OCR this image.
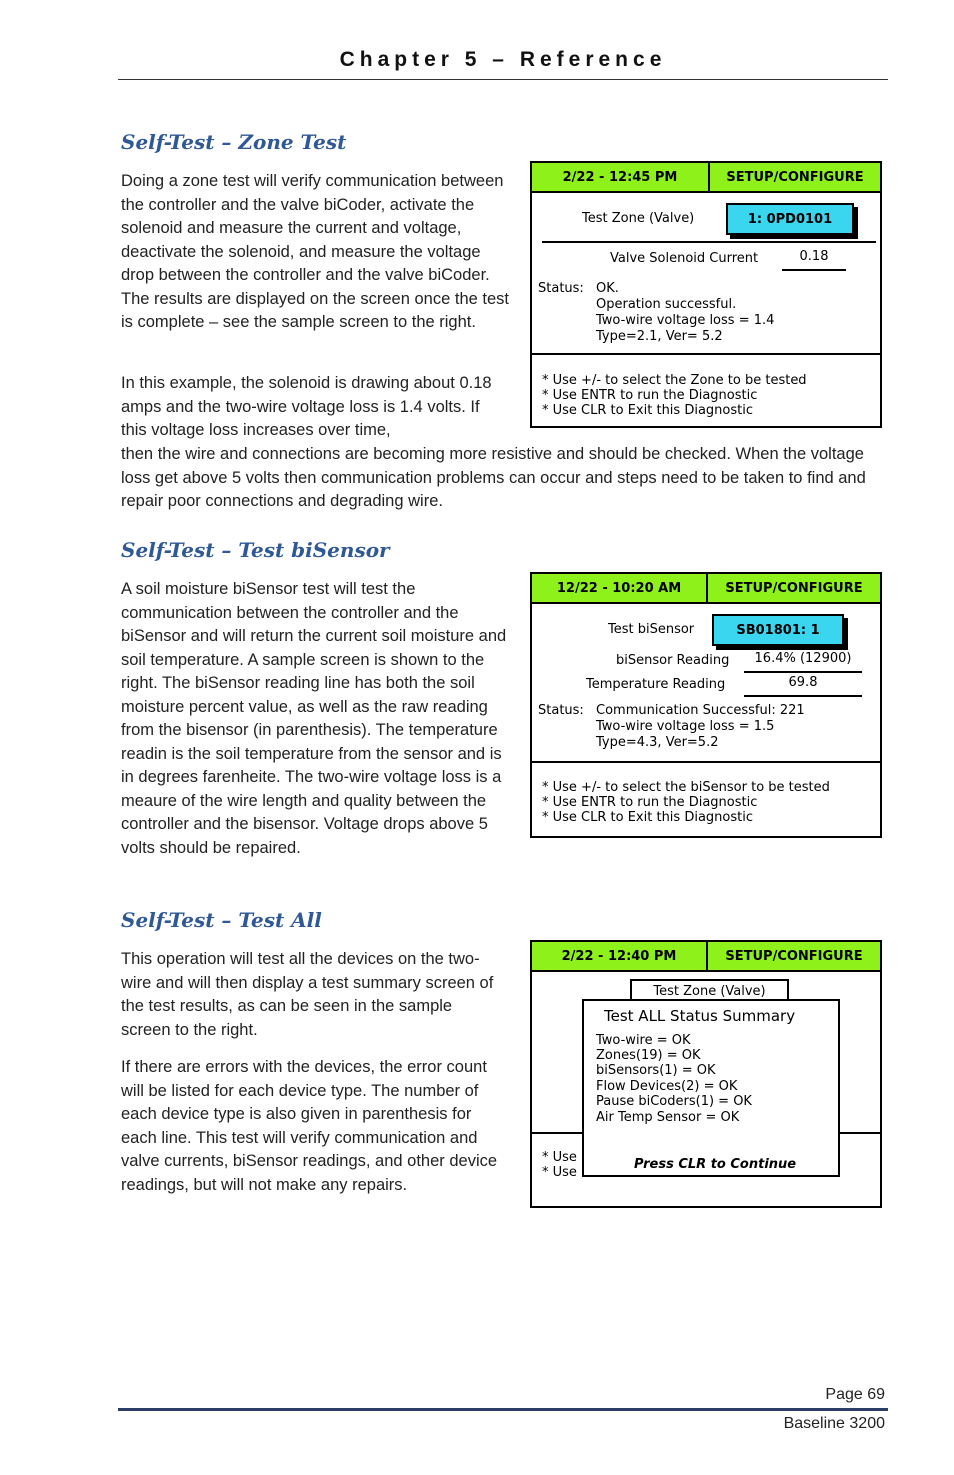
Chapter 5 – Reference
Self-Test – Zone Test
Doing a zone test will verify communication between the controller and the valve biCoder, activate the solenoid and measure the current and voltage, deactivate the solenoid, and measure the voltage drop between the controller and the valve biCoder. The results are displayed on the screen once the test is complete – see the sample screen to the right.
In this example, the solenoid is drawing about 0.18 amps and the two-wire voltage loss is 1.4 volts. If this voltage loss increases over time,
then the wire and connections are becoming more resistive and should be checked. When the voltage loss get above 5 volts then communication problems can occur and steps need to be taken to find and repair poor connections and degrading wire.
2/22 - 12:45 PM	SETUP/CONFIGURE
Test Zone (Valve)	1: 0PD0101
Valve Solenoid Current	0.18
Status: OK.
Operation successful.
Two-wire voltage loss = 1.4
Type=2.1, Ver= 5.2
* Use +/- to select the Zone to be tested
* Use ENTR to run the Diagnostic
* Use CLR to Exit this Diagnostic
Self-Test – Test biSensor
A soil moisture biSensor test will test the communication between the controller and the biSensor and will return the current soil moisture and soil temperature. A sample screen is shown to the right. The biSensor reading line has both the soil moisture percent value, as well as the raw reading from the bisensor (in parenthesis). The temperature readin is the soil temperature from the sensor and is in degrees farenheite. The two-wire voltage loss is a meaure of the wire length and quality between the controller and the bisensor. Voltage drops above 5 volts should be repaired.
12/22 - 10:20 AM	SETUP/CONFIGURE
Test biSensor	SB01801: 1
biSensor Reading	16.4% (12900)
Temperature Reading	69.8
Status: Communication Successful: 221
Two-wire voltage loss = 1.5
Type=4.3, Ver=5.2
* Use +/- to select the biSensor to be tested
* Use ENTR to run the Diagnostic
* Use CLR to Exit this Diagnostic
Self-Test – Test All
This operation will test all the devices on the two-wire and will then display a test summary screen of the test results, as can be seen in the sample screen to the right.
If there are errors with the devices, the error count will be listed for each device type. The number of each device type is also given in parenthesis for each line. This test will verify communication and valve currents, biSensor readings, and other device readings, but will not make any repairs.
2/22 - 12:40 PM	SETUP/CONFIGURE
Test Zone (Valve)
* Use
* Use
Test ALL Status Summary
Two-wire = OK
Zones(19) = OK
biSensors(1) = OK
Flow Devices(2) = OK
Pause biCoders(1) = OK
Air Temp Sensor = OK
Press CLR to Continue
Page 69
Baseline 3200
